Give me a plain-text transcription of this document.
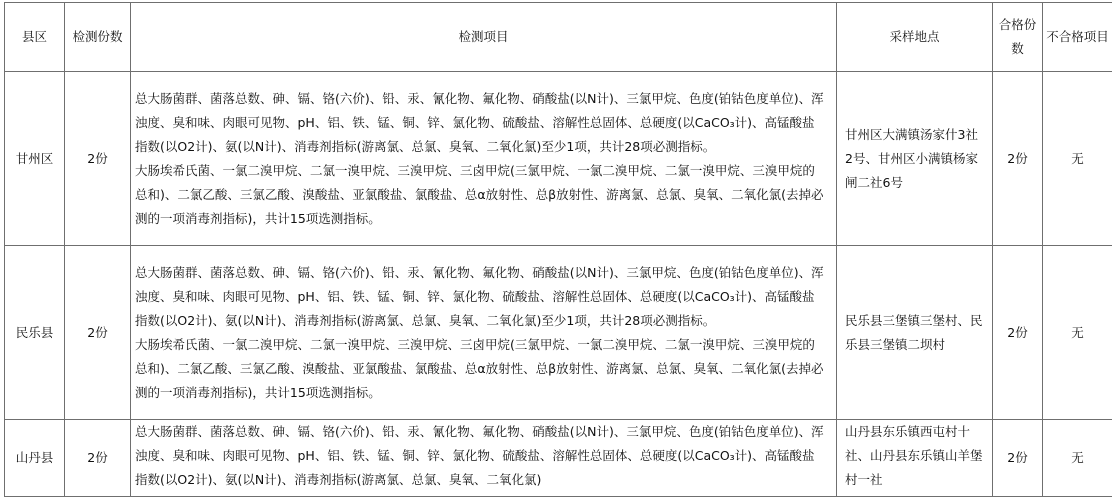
县区	检测份数	检测项目	采样地点	合格份数	不合格项目
甘州区	2份	总大肠菌群、菌落总数、砷、镉、铬(六价)、铅、汞、氰化物、氟化物、硝酸盐(以N计)、三氯甲烷、色度(铂钴色度单位)、浑浊度、臭和味、肉眼可见物、pH、铝、铁、锰、铜、锌、氯化物、硫酸盐、溶解性总固体、总硬度(以CaCO₃计)、高锰酸盐指数(以O2计)、氨(以N计)、消毒剂指标(游离氯、总氯、臭氧、二氧化氯)至少1项，共计28项必测指标。

大肠埃希氏菌、一氯二溴甲烷、二氯一溴甲烷、三溴甲烷、三卤甲烷(三氯甲烷、一氯二溴甲烷、二氯一溴甲烷、三溴甲烷的总和)、二氯乙酸、三氯乙酸、溴酸盐、亚氯酸盐、氯酸盐、总α放射性、总β放射性、游离氯、总氯、臭氧、二氧化氯(去掉必测的一项消毒剂指标)，共计15项选测指标。	甘州区大满镇汤家什3社2号、甘州区小满镇杨家闸二社6号	2份	无
民乐县	2份	总大肠菌群、菌落总数、砷、镉、铬(六价)、铅、汞、氰化物、氟化物、硝酸盐(以N计)、三氯甲烷、色度(铂钴色度单位)、浑浊度、臭和味、肉眼可见物、pH、铝、铁、锰、铜、锌、氯化物、硫酸盐、溶解性总固体、总硬度(以CaCO₃计)、高锰酸盐指数(以O2计)、氨(以N计)、消毒剂指标(游离氯、总氯、臭氧、二氧化氯)至少1项，共计28项必测指标。

大肠埃希氏菌、一氯二溴甲烷、二氯一溴甲烷、三溴甲烷、三卤甲烷(三氯甲烷、一氯二溴甲烷、二氯一溴甲烷、三溴甲烷的总和)、二氯乙酸、三氯乙酸、溴酸盐、亚氯酸盐、氯酸盐、总α放射性、总β放射性、游离氯、总氯、臭氧、二氧化氯(去掉必测的一项消毒剂指标)，共计15项选测指标。	民乐县三堡镇三堡村、民乐县三堡镇二坝村	2份	无
山丹县	2份	总大肠菌群、菌落总数、砷、镉、铬(六价)、铅、汞、氰化物、氟化物、硝酸盐(以N计)、三氯甲烷、色度(铂钴色度单位)、浑浊度、臭和味、肉眼可见物、pH、铝、铁、锰、铜、锌、氯化物、硫酸盐、溶解性总固体、总硬度(以CaCO₃计)、高锰酸盐指数(以O2计)、氨(以N计)、消毒剂指标(游离氯、总氯、臭氧、二氧化氯)	山丹县东乐镇西屯村十社、山丹县东乐镇山羊堡村一社	2份	无
